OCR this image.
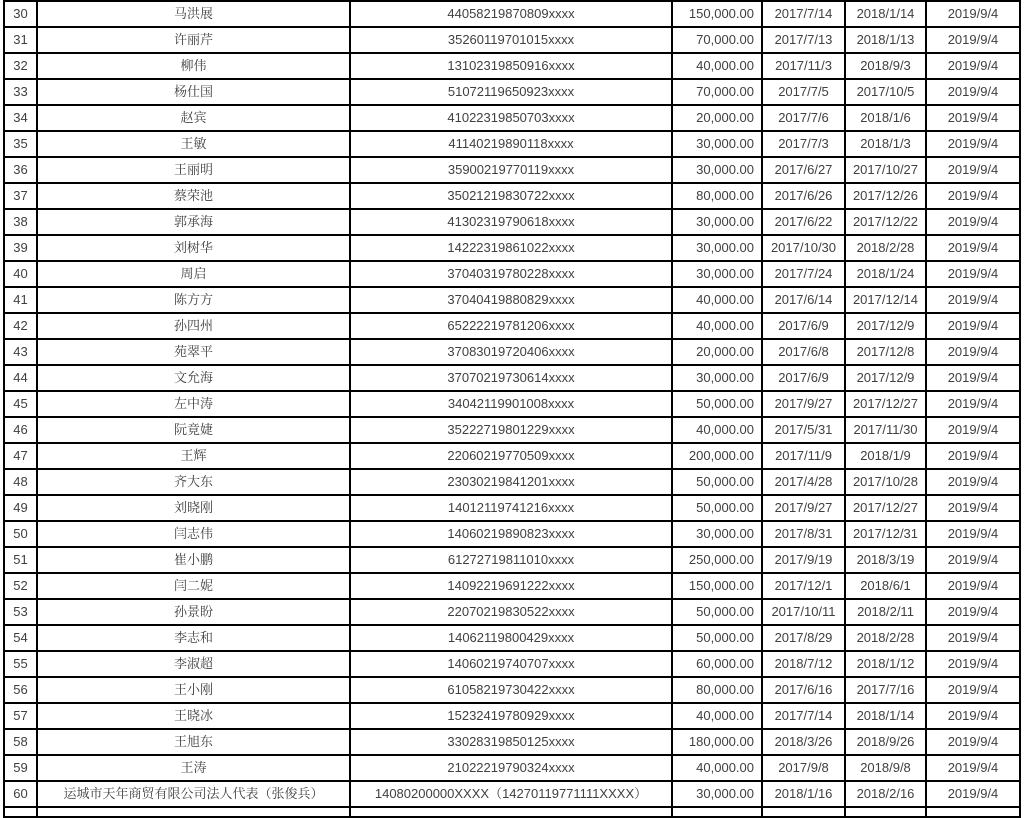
30	马洪展	44058219870809xxxx	150,000.00	2017/7/14	2018/1/14	2019/9/4
31	许丽芹	35260119701015xxxx	70,000.00	2017/7/13	2018/1/13	2019/9/4
32	柳伟	13102319850916xxxx	40,000.00	2017/11/3	2018/9/3	2019/9/4
33	杨仕国	51072119650923xxxx	70,000.00	2017/7/5	2017/10/5	2019/9/4
34	赵宾	41022319850703xxxx	20,000.00	2017/7/6	2018/1/6	2019/9/4
35	王敏	41140219890118xxxx	30,000.00	2017/7/3	2018/1/3	2019/9/4
36	王丽明	35900219770119xxxx	30,000.00	2017/6/27	2017/10/27	2019/9/4
37	蔡荣池	35021219830722xxxx	80,000.00	2017/6/26	2017/12/26	2019/9/4
38	郭承海	41302319790618xxxx	30,000.00	2017/6/22	2017/12/22	2019/9/4
39	刘树华	14222319861022xxxx	30,000.00	2017/10/30	2018/2/28	2019/9/4
40	周启	37040319780228xxxx	30,000.00	2017/7/24	2018/1/24	2019/9/4
41	陈方方	37040419880829xxxx	40,000.00	2017/6/14	2017/12/14	2019/9/4
42	孙四州	65222219781206xxxx	40,000.00	2017/6/9	2017/12/9	2019/9/4
43	苑翠平	37083019720406xxxx	20,000.00	2017/6/8	2017/12/8	2019/9/4
44	文允海	37070219730614xxxx	30,000.00	2017/6/9	2017/12/9	2019/9/4
45	左中涛	34042119901008xxxx	50,000.00	2017/9/27	2017/12/27	2019/9/4
46	阮竟婕	35222719801229xxxx	40,000.00	2017/5/31	2017/11/30	2019/9/4
47	王辉	22060219770509xxxx	200,000.00	2017/11/9	2018/1/9	2019/9/4
48	齐大东	23030219841201xxxx	50,000.00	2017/4/28	2017/10/28	2019/9/4
49	刘晓刚	14012119741216xxxx	50,000.00	2017/9/27	2017/12/27	2019/9/4
50	闫志伟	14060219890823xxxx	30,000.00	2017/8/31	2017/12/31	2019/9/4
51	崔小鹏	61272719811010xxxx	250,000.00	2017/9/19	2018/3/19	2019/9/4
52	闫二妮	14092219691222xxxx	150,000.00	2017/12/1	2018/6/1	2019/9/4
53	孙景盼	22070219830522xxxx	50,000.00	2017/10/11	2018/2/11	2019/9/4
54	李志和	14062119800429xxxx	50,000.00	2017/8/29	2018/2/28	2019/9/4
55	李淑超	14060219740707xxxx	60,000.00	2018/7/12	2018/1/12	2019/9/4
56	王小刚	61058219730422xxxx	80,000.00	2017/6/16	2017/7/16	2019/9/4
57	王晓冰	15232419780929xxxx	40,000.00	2017/7/14	2018/1/14	2019/9/4
58	王旭东	33028319850125xxxx	180,000.00	2018/3/26	2018/9/26	2019/9/4
59	王涛	21022219790324xxxx	40,000.00	2017/9/8	2018/9/8	2019/9/4
60	运城市天年商贸有限公司法人代表（张俊兵）	14080200000XXXX（14270119771111XXXX）	30,000.00	2018/1/16	2018/2/16	2019/9/4
